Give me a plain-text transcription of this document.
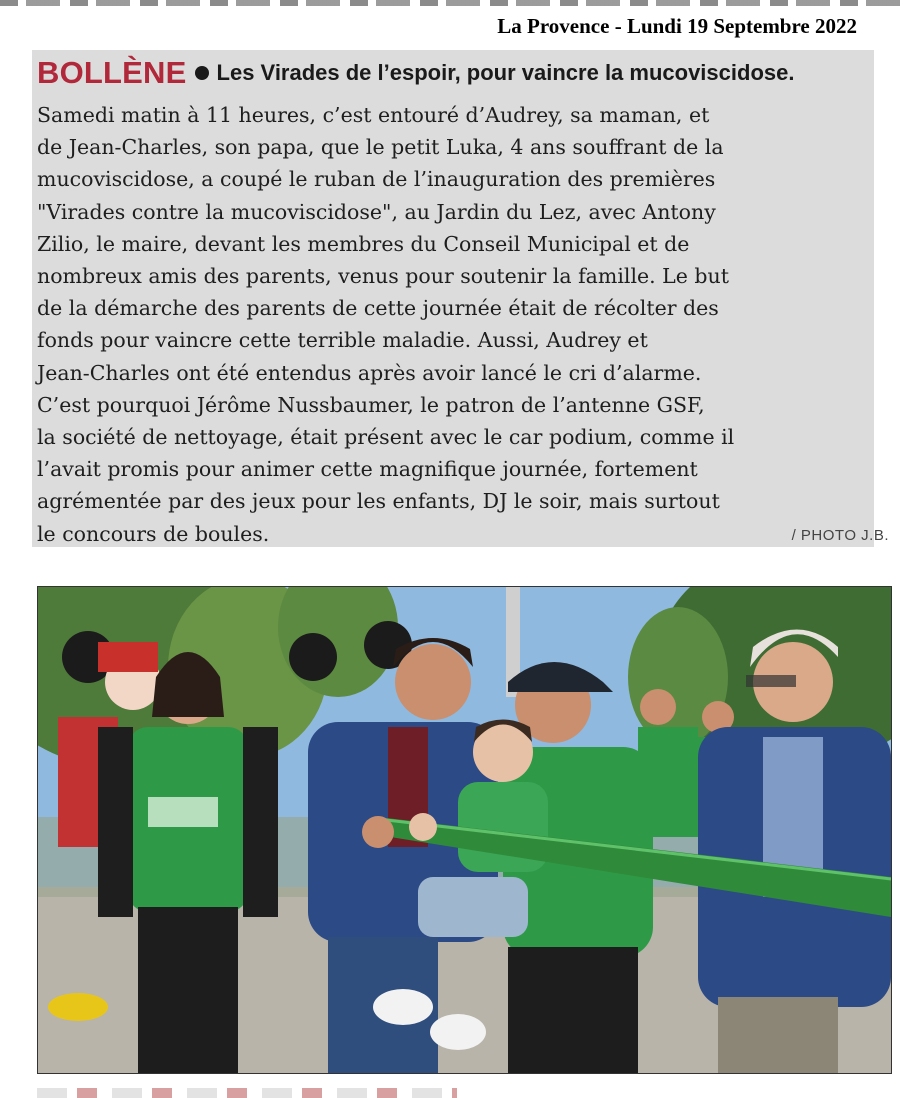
La Provence - Lundi 19 Septembre 2022
BOLLÈNE Les Virades de l’espoir, pour vaincre la mucoviscidose.

Samedi matin à 11 heures, c’est entouré d’Audrey, sa maman, et
de Jean-Charles, son papa, que le petit Luka, 4 ans souffrant de la
mucoviscidose, a coupé le ruban de l’inauguration des premières
"Virades contre la mucoviscidose", au Jardin du Lez, avec Antony
Zilio, le maire, devant les membres du Conseil Municipal et de
nombreux amis des parents, venus pour soutenir la famille. Le but
de la démarche des parents de cette journée était de récolter des
fonds pour vaincre cette terrible maladie. Aussi, Audrey et
Jean-Charles ont été entendus après avoir lancé le cri d’alarme.
C’est pourquoi Jérôme Nussbaumer, le patron de l’antenne GSF,
la société de nettoyage, était présent avec le car podium, comme il
l’avait promis pour animer cette magnifique journée, fortement
agrémentée par des jeux pour les enfants, DJ le soir, mais surtout
le concours de boules.	/ PHOTO J.B.
